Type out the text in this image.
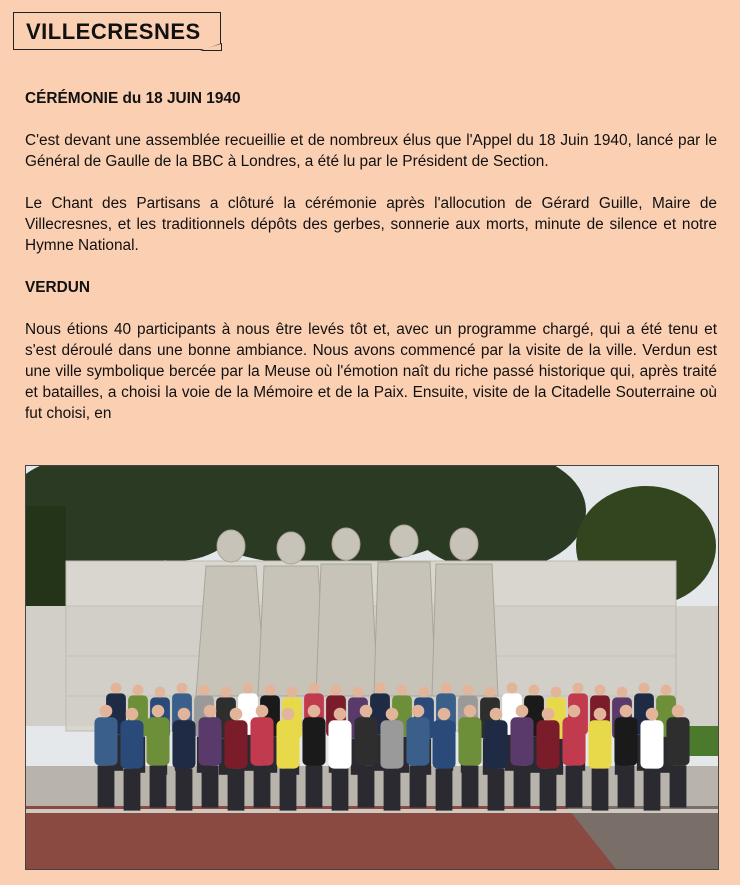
VILLECRESNES

CÉRÉMONIE du 18 JUIN 1940

C'est devant une assemblée recueillie et de nombreux élus que l'Appel du 18 Juin 1940, lancé par le Général de Gaulle de la BBC à Londres, a été lu par le Président de Section.

Le Chant des Partisans a clôturé la cérémonie après l'allocution de Gérard Guille, Maire de Villecresnes, et les traditionnels dépôts des gerbes, sonnerie aux morts, minute de silence et notre Hymne National.

VERDUN

Nous étions 40 participants à nous être levés tôt et, avec un programme chargé, qui a été tenu et s'est déroulé dans une bonne ambiance. Nous avons commencé par la visite de la ville. Verdun est une ville symbolique bercée par la Meuse où l'émotion naît du riche passé historique qui, après traité et batailles, a choisi la voie de la Mémoire et de la Paix. Ensuite, visite de la Citadelle Souterraine où fut choisi, en
